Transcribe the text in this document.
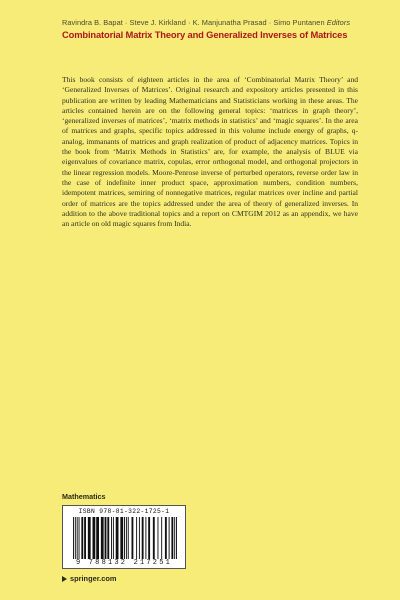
Ravindra B. Bapat · Steve J. Kirkland · K. Manjunatha Prasad · Simo Puntanen Editors
Combinatorial Matrix Theory and Generalized Inverses of Matrices

This book consists of eighteen articles in the area of ‘Combinatorial Matrix Theory’ and ‘Generalized Inverses of Matrices’. Original research and expository articles presented in this publication are written by leading Mathematicians and Statisticians working in these areas. The articles contained herein are on the following general topics: ‘matrices in graph theory’, ‘generalized inverses of matrices’, ‘matrix methods in statistics’ and ‘magic squares’. In the area of matrices and graphs, specific topics addressed in this volume include energy of graphs, q-analog, immanants of matrices and graph realization of product of adjacency matrices. Topics in the book from ‘Matrix Methods in Statistics’ are, for example, the analysis of BLUE via eigenvalues of covariance matrix, copulas, error orthogonal model, and orthogonal projectors in the linear regression models. Moore-Penrose inverse of perturbed operators, reverse order law in the case of indefinite inner product space, approximation numbers, condition numbers, idempotent matrices, semiring of nonnegative matrices, regular matrices over incline and partial order of matrices are the topics addressed under the area of theory of generalized inverses. In addition to the above traditional topics and a report on CMTGIM 2012 as an appendix, we have an article on old magic squares from India.

Mathematics
ISBN 978-81-322-1725-1
9 788132 217251
springer.com
